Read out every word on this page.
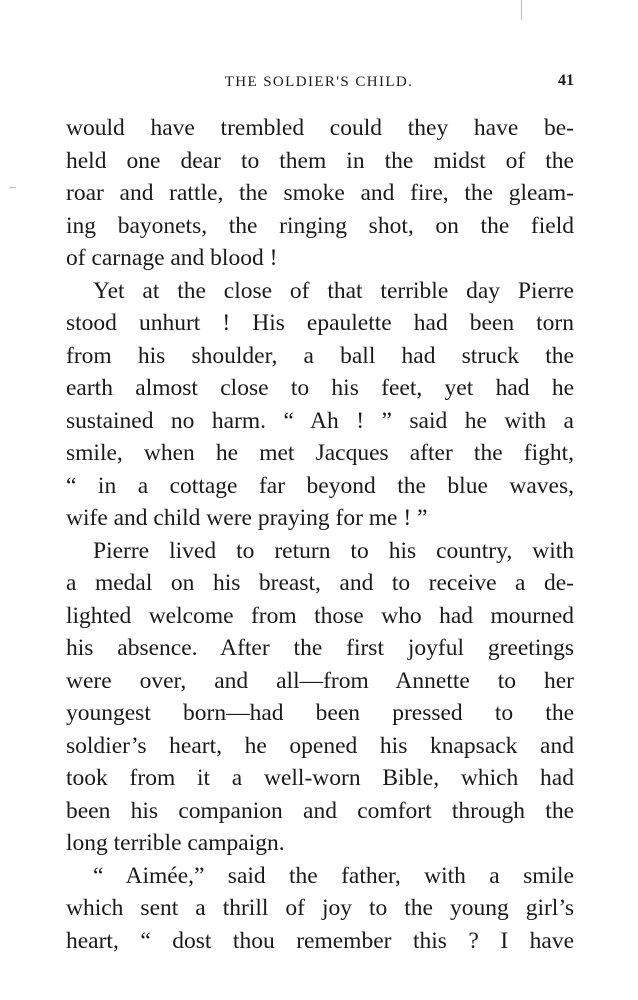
THE SOLDIER'S CHILD.	41
would have trembled could they have be-
held one dear to them in the midst of the
roar and rattle, the smoke and fire, the gleam-
ing bayonets, the ringing shot, on the field
of carnage and blood !
Yet at the close of that terrible day Pierre
stood unhurt ! His epaulette had been torn
from his shoulder, a ball had struck the
earth almost close to his feet, yet had he
sustained no harm. “ Ah ! ” said he with a
smile, when he met Jacques after the fight,
“ in a cottage far beyond the blue waves,
wife and child were praying for me ! ”
Pierre lived to return to his country, with
a medal on his breast, and to receive a de-
lighted welcome from those who had mourned
his absence. After the first joyful greetings
were over, and all—from Annette to her
youngest born—had been pressed to the
soldier’s heart, he opened his knapsack and
took from it a well-worn Bible, which had
been his companion and comfort through the
long terrible campaign.
“ Aimée,” said the father, with a smile
which sent a thrill of joy to the young girl’s
heart, “ dost thou remember this ? I have
